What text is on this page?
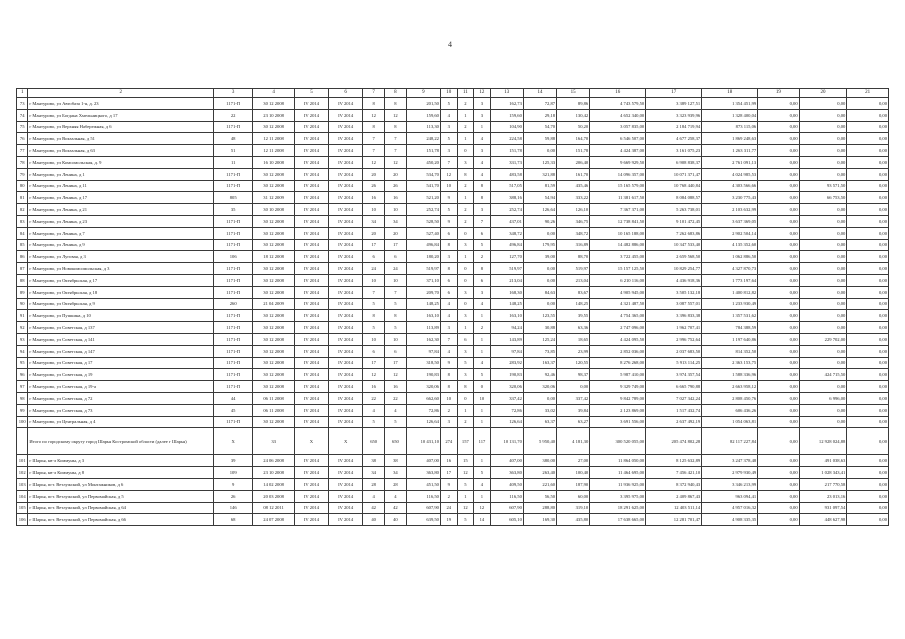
4
1	2	3	4	5	6	7	8	9	10	11	12	13	14	15	16	17	18	19	20	21
73	г Мантурово, ул Автобаза 1-я, д. 23	1171-П	30 12 2008	IV 2014	IV 2014	8	8	201,50	5	2	3	162,73	72,87	89,86	4 743 579,50	3 389 127,51	1 354 451,99	0,00	0,00	0,00
74	г Мантурово, ул Богдана Хмельницкого, д 17	22	23 10 2008	IV 2014	IV 2014	12	12	159,60	4	1	3	159,60	29,18	130,42	4 652 340,00	3 323 939,96	1 328 400,04	0,00	0,00	0,00
75	г Мантурово, ул Верхняя Набережная, д 6	1171-П	30 12 2008	IV 2014	IV 2014	8	8	113,30	3	2	1	104,90	54,70	50,20	3 057 835,00	2 184 719,94	873 115,06	0,00	0,00	0,00
76	г Мантурово, ул Вокзальная, д 51	48	12 11 2008	IV 2014	IV 2014	7	7	248,22	5	1	4	224,58	59,88	164,70	6 546 507,00	4 677 258,37	1 869 248,63	0,00	0,00	0,00
77	г Мантурово, ул Вокзальная, д 63	51	12 11 2008	IV 2014	IV 2014	7	7	151,78	3	0	3	151,78	0,00	151,78	4 424 387,00	3 161 075,23	1 263 311,77	0,00	0,00	0,00
78	г Мантурово, ул Комсомольская, д. 9	11	16 10 2008	IV 2014	IV 2014	12	12	450,20	7	3	4	331,73	125,33	206,40	9 669 929,50	6 908 838,37	2 761 091,13	0,00	0,00	0,00
79	г Мантурово, ул Ленина, д 1	1171-П	30 12 2008	IV 2014	IV 2014	20	20	534,70	12	8	4	483,58	321,88	161,70	14 096 357,00	10 071 371,47	4 024 985,53	0,00	0,00	0,00
80	г Мантурово, ул Ленина, д 11	1171-П	30 12 2008	IV 2014	IV 2014	26	26	541,70	10	2	8	517,05	81,59	435,46	15 165 579,00	10 768 440,84	4 303 566,66	0,00	93 571,50	0,00
81	г Мантурово, ул Ленина, д 17	805	31 12 2009	IV 2014	IV 2014	16	16	521,20	9	1	8	388,16	54,94	333,22	11 381 617,50	8 084 088,57	3 230 775,43	0,00	66 753,50	0,00
82	г Мантурово, ул Ленина, д 21	35	30 10 2008	IV 2014	IV 2014	10	10	252,74	5	2	3	252,74	126,64	126,10	7 367 371,00	5 263 738,01	2 103 632,99	0,00	0,00	0,00
83	г Мантурово, ул Ленина, д 23	1171-П	30 12 2008	IV 2014	IV 2014	34	34	528,50	9	2	7	437,01	90,26	346,75	12 738 841,50	9 101 472,45	3 637 369,05	0,00	0,00	0,00
84	г Мантурово, ул Ленина, д 7	1171-П	30 12 2008	IV 2014	IV 2014	20	20	527,40	6	0	6	348,72	0,00	348,72	10 165 188,00	7 262 683,86	2 902 504,14	0,00	0,00	0,00
85	г Мантурово, ул Ленина, д 9	1171-П	30 12 2008	IV 2014	IV 2014	17	17	496,84	8	3	5	496,84	179,95	316,89	14 482 886,00	10 347 533,40	4 135 352,60	0,00	0,00	0,00
86	г Мантурово, ул Луговая, д 3	106	18 12 2008	IV 2014	IV 2014	6	6	180,20	3	1	2	127,70	39,00	88,70	3 722 455,00	2 659 568,50	1 062 886,50	0,00	0,00	0,00
87	г Мантурово, ул Новокомсомольская, д 3	1171-П	30 12 2008	IV 2014	IV 2014	24	24	519,97	8	0	8	519,97	0,00	519,97	15 157 125,50	10 829 254,77	4 327 870,73	0,00	0,00	0,00
88	г Мантурово, ул Октябрьская, д 17	1171-П	30 12 2008	IV 2014	IV 2014	10	10	371,10	6	0	6	213,04	0,00	213,04	6 210 116,00	4 436 918,36	1 773 197,64	0,00	0,00	0,00
89	г Мантурово, ул Октябрьская, д 18	1171-П	30 12 2008	IV 2014	IV 2014	7	7	209,70	6	3	3	168,30	84,63	83,67	4 905 945,00	3 505 132,18	1 400 812,82	0,00	0,00	0,00
90	г Мантурово, ул Октябрьская, д 9	260	21 04 2009	IV 2014	IV 2014	5	5	148,25	4	0	4	148,25	0,00	148,25	4 321 487,50	3 087 557,01	1 233 930,49	0,00	0,00	0,00
91	г Мантурово, ул Пушкина, д 10	1171-П	30 12 2008	IV 2014	IV 2014	8	8	163,10	4	3	1	163,10	123,55	39,55	4 754 365,00	3 396 833,38	1 357 531,62	0,00	0,00	0,00
92	г Мантурово, ул Советская, д 137	1171-П	30 12 2008	IV 2014	IV 2014	5	5	113,89	3	1	2	94,24	30,88	63,36	2 747 096,00	1 962 707,41	784 388,59	0,00	0,00	0,00
93	г Мантурово, ул Советская, д 141	1171-П	30 12 2008	IV 2014	IV 2014	10	10	162,30	7	6	1	143,89	125,24	18,65	4 424 095,50	2 996 752,64	1 197 640,86	0,00	229 702,00	0,00
94	г Мантурово, ул Советская, д 147	1171-П	30 12 2008	IV 2014	IV 2014	6	6	97,84	4	3	1	97,84	73,85	23,99	2 852 036,00	2 037 683,50	814 352,50	0,00	0,00	0,00
95	г Мантурово, ул Советская, д 17	1171-П	30 12 2008	IV 2014	IV 2014	17	17	318,50	9	5	4	283,92	163,37	120,55	8 276 268,00	5 913 114,25	2 363 153,75	0,00	0,00	0,00
96	г Мантурово, ул Советская, д 19	1171-П	30 12 2008	IV 2014	IV 2014	12	12	190,83	8	3	5	190,83	92,46	98,37	5 987 410,00	3 974 357,54	1 588 336,96	0,00	424 715,50	0,00
97	г Мантурово, ул Советская, д 19-а	1171-П	30 12 2008	IV 2014	IV 2014	16	16	320,06	8	8	0	320,06	320,06	0,00	9 329 749,00	6 665 790,88	2 663 958,12	0,00	0,00	0,00
98	г Мантурово, ул Советская, д 72	44	06 11 2008	IV 2014	IV 2014	22	22	662,60	10	0	10	337,42	0,00	337,42	9 842 789,00	7 027 342,24	2 808 450,76	0,00	6 996,00	0,00
99	г Мантурово, ул Советская, д 73	45	06 11 2008	IV 2014	IV 2014	4	4	72,86	2	1	1	72,86	33,02	39,84	2 123 869,00	1 517 432,74	606 436,26	0,00	0,00	0,00
100	г Мантурово, ул Центральная, д 4	1171-П	30 12 2008	IV 2014	IV 2014	5	5	126,64	3	2	1	126,64	63,37	63,27	3 691 556,00	2 637 492,19	1 054 063,81	0,00	0,00	0,00
	Итого по городскому округу город Шарья Костромской области (далее г Шарья)	X	33	X	X	650	650	10 431,10	274	157	117	10 131,70	5 950,40	4 181,30	300 520 055,00	205 474 802,28	82 117 227,84	0,00	12 928 024,88	0,00
101	г Шарья, кв-л Коммуны, д 3	39	24 06 2008	IV 2014	IV 2014	38	38	407,00	16	15	1	407,00	380,00	27,00	11 864 050,00	8 125 632,89	3 247 378,48	0,00	491 038,63	0,00
102	г Шарья, кв-л Коммуны, д 8	109	23 10 2008	IV 2014	IV 2014	34	34	363,80	17	12	5	363,80	263,40	100,40	11 464 695,00	7 456 421,10	2 979 930,49	0,00	1 028 343,41	0,00
103	г Шарья, пгт. Ветлужский, ул Монтажников, д 6	9	14 02 2008	IV 2014	IV 2014	28	28	451,50	9	5	4	409,50	221,60	187,90	11 936 925,00	8 372 940,43	3 346 213,99	0,00	217 770,58	0,00
104	г Шарья, пгт. Ветлужский, ул Первомайская, д 5	26	20 03 2008	IV 2014	IV 2014	4	4	116,50	2	1	1	116,50	56,50	60,00	3 395 975,00	2 409 867,43	963 094,41	0,00	23 013,16	0,00
105	г Шарья, пгт. Ветлужский, ул Первомайская, д 64	146	08 12 2011	IV 2014	IV 2014	42	42	607,90	24	12	12	607,90	288,80	319,10	18 291 625,00	12 403 511,14	4 957 016,32	0,00	931 097,54	0,00
106	г Шарья, пгт. Ветлужский, ул Первомайская, д 66	68	24 07 2008	IV 2014	IV 2014	40	40	639,50	19	5	14	605,10	169,30	435,80	17 638 665,00	12 281 701,47	4 908 335,35	0,00	448 627,98	0,00
